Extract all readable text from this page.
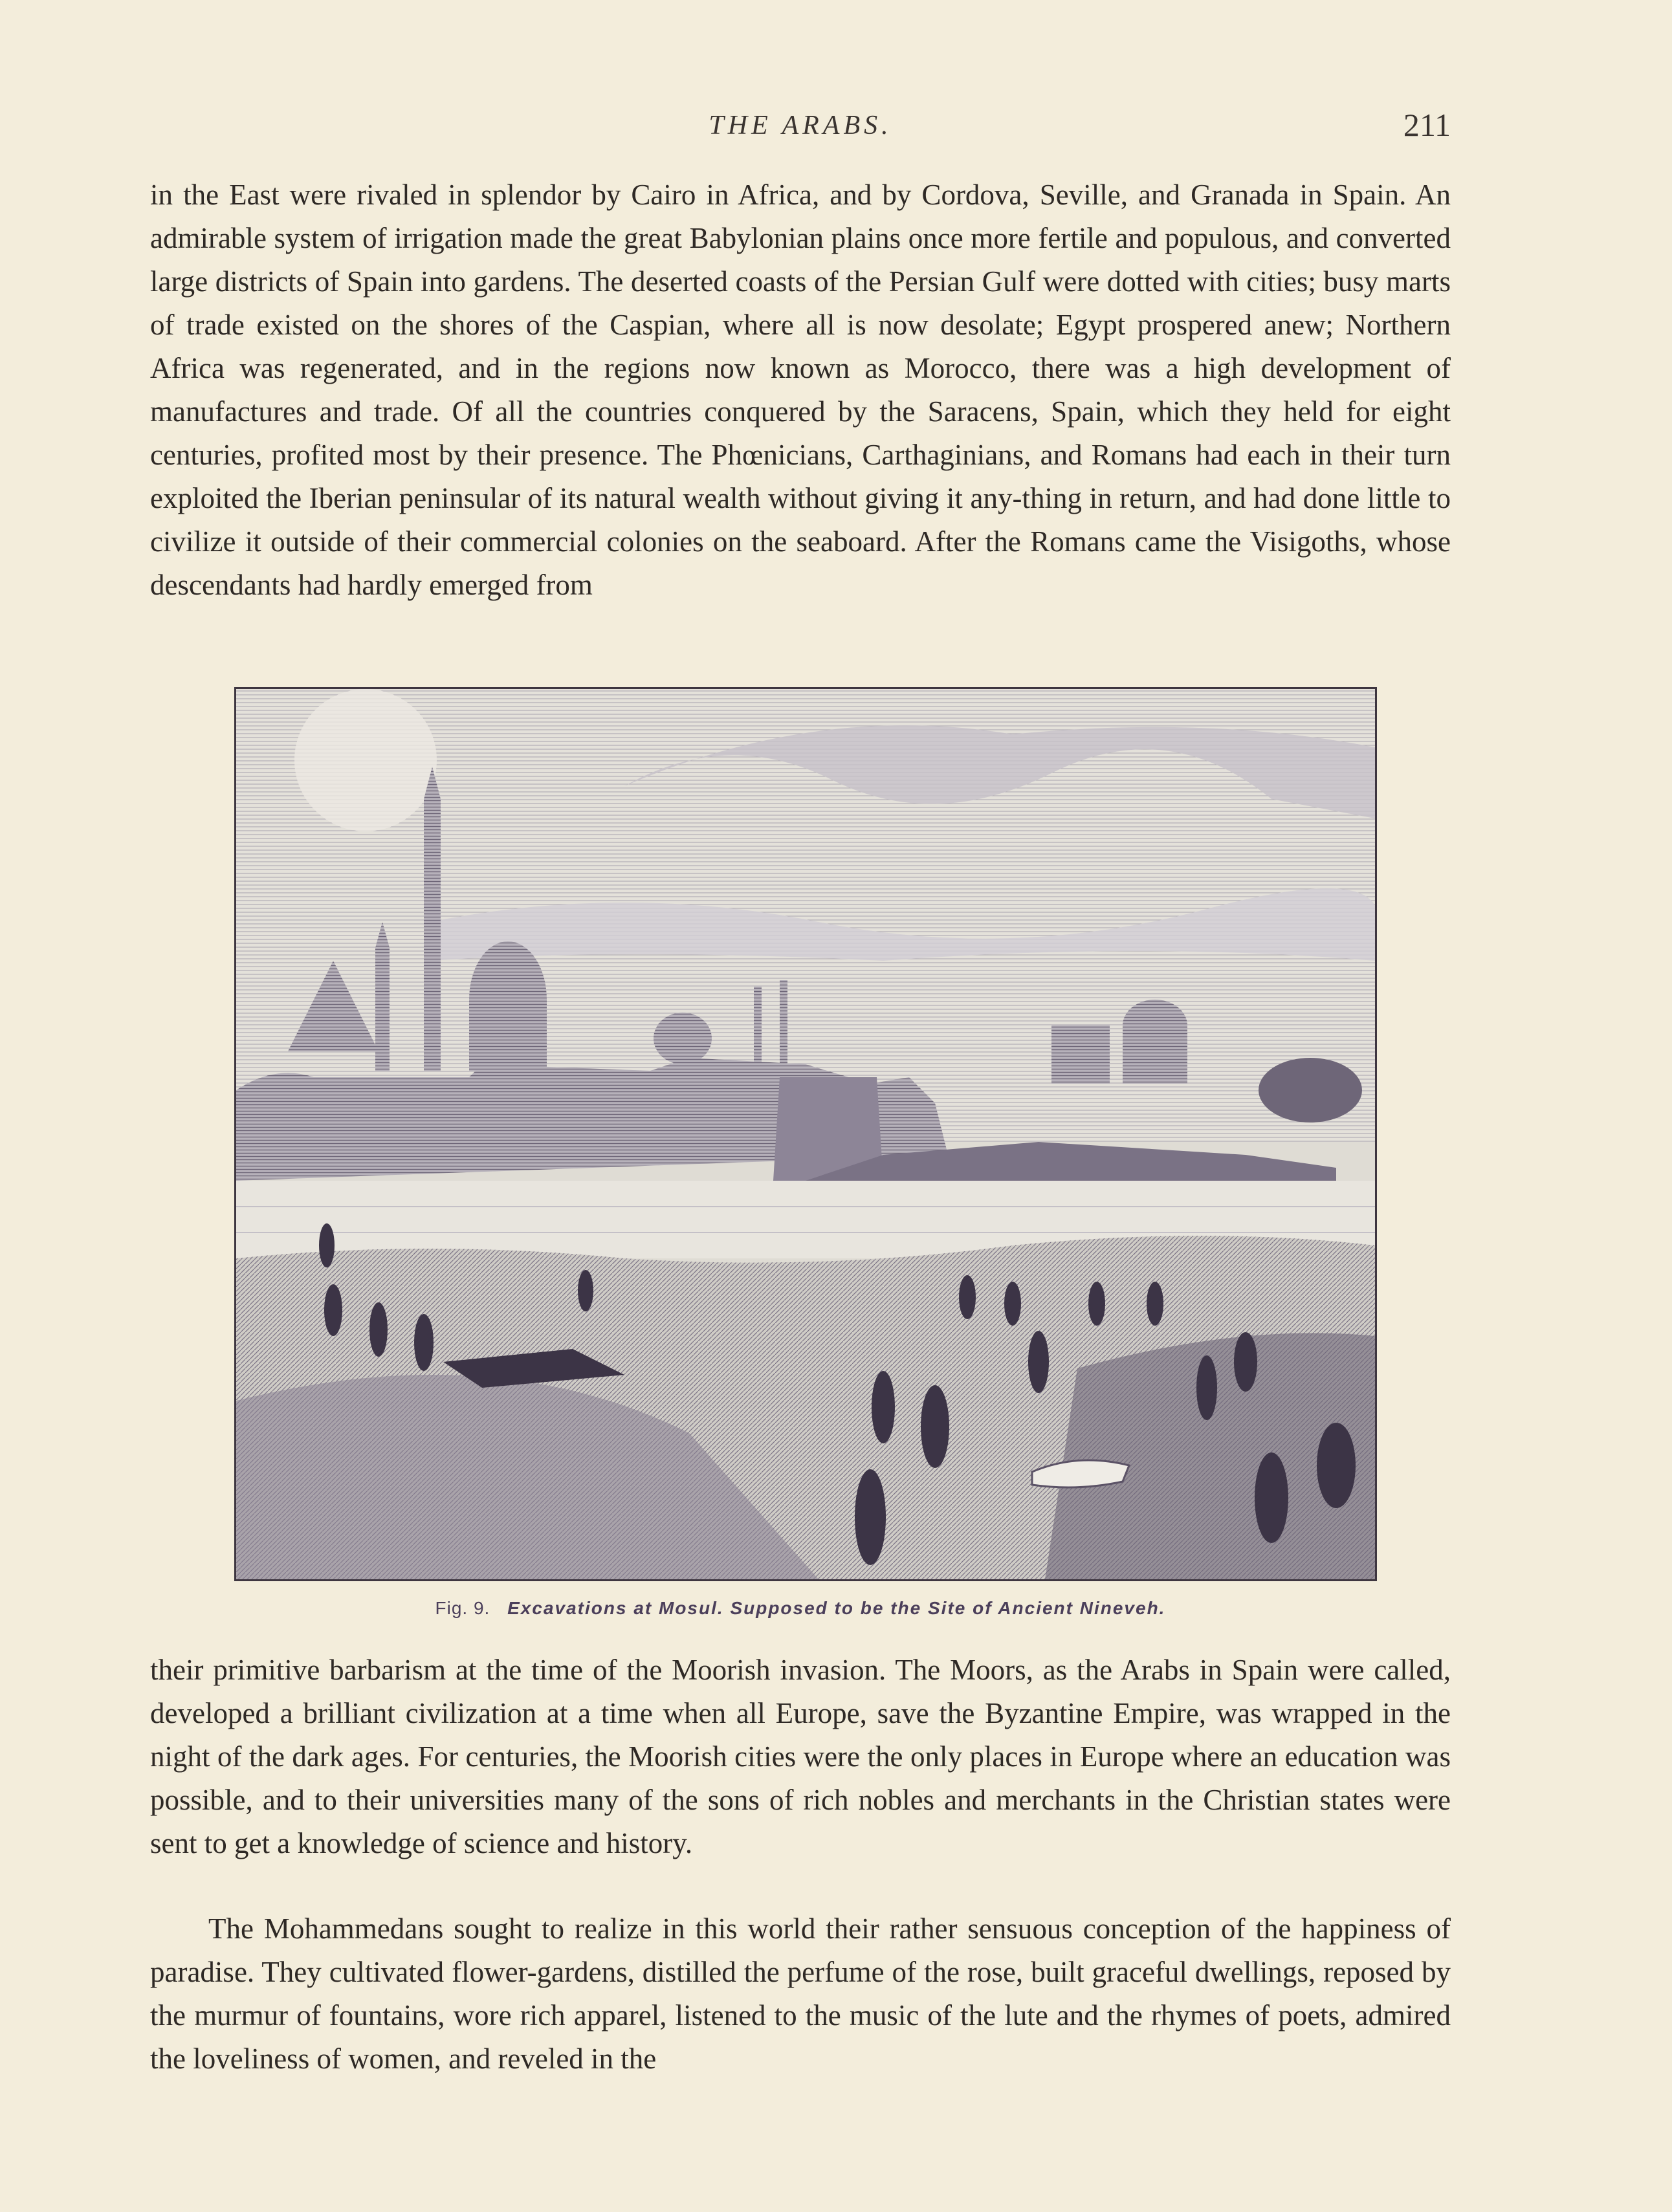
THE ARABS.	211

in the East were rivaled in splendor by Cairo in Africa, and by Cordova, Seville, and Granada in Spain. An admirable system of irrigation made the great Babylonian plains once more fertile and populous, and converted large districts of Spain into gardens. The deserted coasts of the Persian Gulf were dotted with cities; busy marts of trade existed on the shores of the Caspian, where all is now desolate; Egypt prospered anew; Northern Africa was regenerated, and in the regions now known as Morocco, there was a high development of manufactures and trade. Of all the countries conquered by the Saracens, Spain, which they held for eight centuries, profited most by their presence. The Phœnicians, Carthaginians, and Romans had each in their turn exploited the Iberian peninsular of its natural wealth without giving it any-thing in return, and had done little to civilize it outside of their commercial colonies on the seaboard. After the Romans came the Visigoths, whose descendants had hardly emerged from

Fig. 9. Excavations at Mosul. Supposed to be the Site of Ancient Nineveh.

their primitive barbarism at the time of the Moorish invasion. The Moors, as the Arabs in Spain were called, developed a brilliant civilization at a time when all Europe, save the Byzantine Empire, was wrapped in the night of the dark ages. For centuries, the Moorish cities were the only places in Europe where an education was possible, and to their universities many of the sons of rich nobles and merchants in the Christian states were sent to get a knowledge of science and history.

The Mohammedans sought to realize in this world their rather sensuous conception of the happiness of paradise. They cultivated flower-gardens, distilled the perfume of the rose, built graceful dwellings, reposed by the murmur of fountains, wore rich apparel, listened to the music of the lute and the rhymes of poets, admired the loveliness of women, and reveled in the
